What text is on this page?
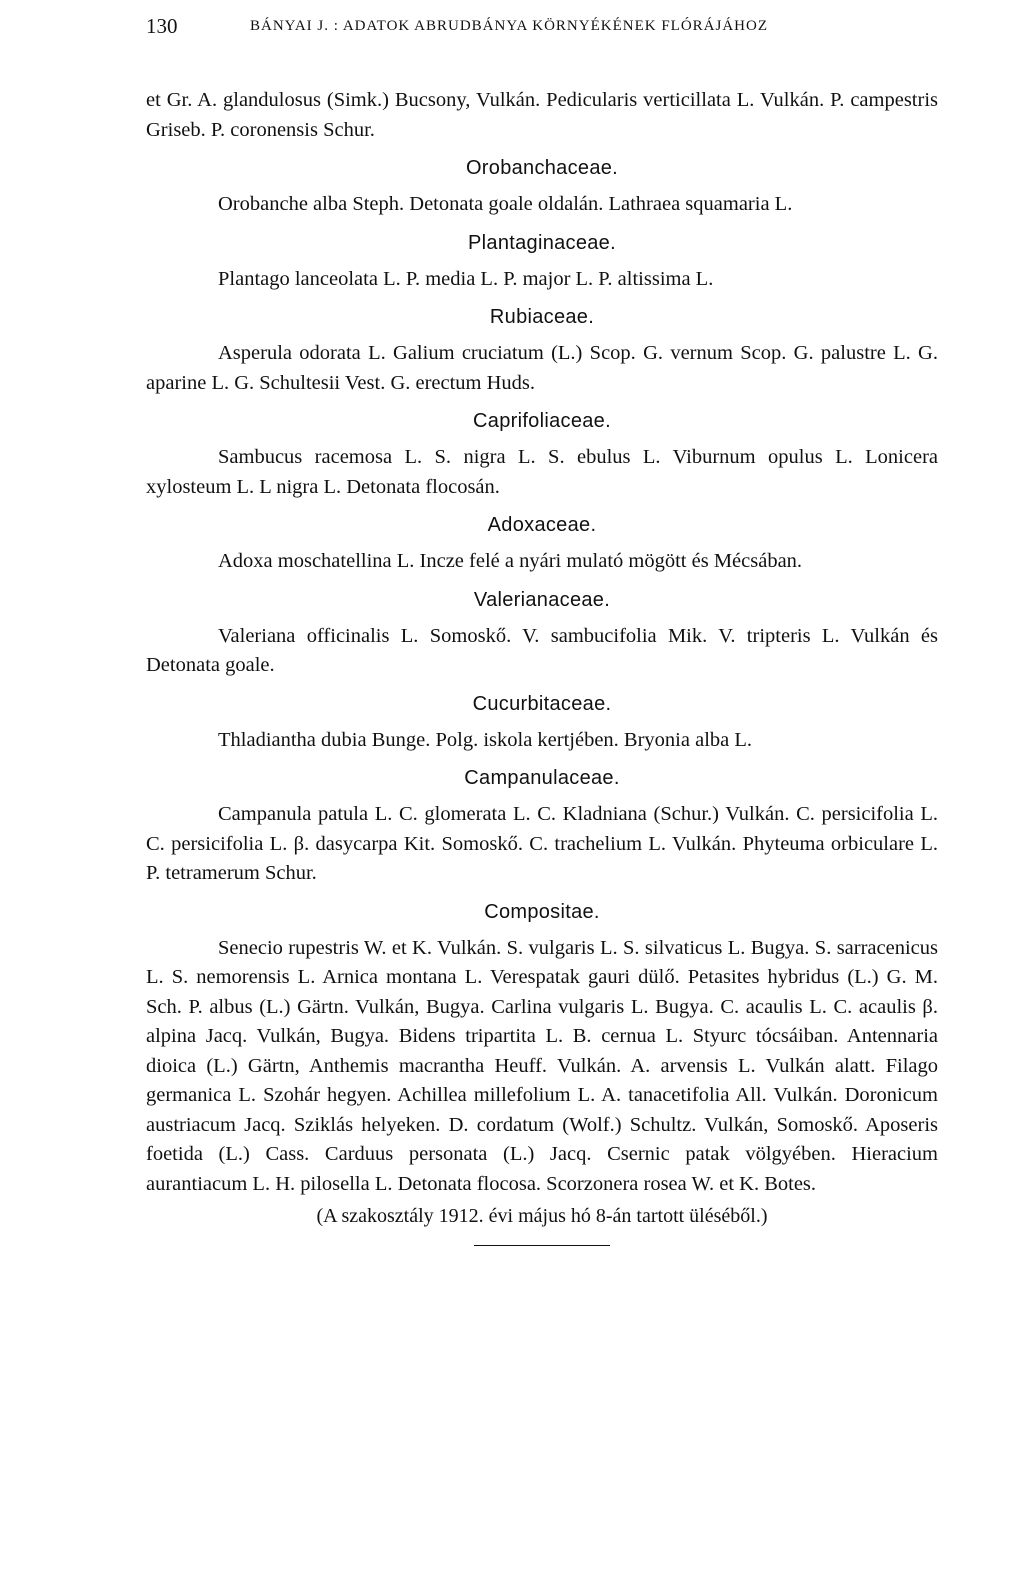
130	BÁNYAI J. : ADATOK ABRUDBÁNYA KÖRNYÉKÉNEK FLÓRÁJÁHOZ

et Gr. A. glandulosus (Simk.) Bucsony, Vulkán. Pedicularis verticillata L. Vulkán. P. campestris Griseb. P. coronensis Schur.

Orobanchaceae.

Orobanche alba Steph. Detonata goale oldalán. Lathraea squamaria L.

Plantaginaceae.

Plantago lanceolata L. P. media L. P. major L. P. altissima L.

Rubiaceae.

Asperula odorata L. Galium cruciatum (L.) Scop. G. vernum Scop. G. palustre L. G. aparine L. G. Schultesii Vest. G. erectum Huds.

Caprifoliaceae.

Sambucus racemosa L. S. nigra L. S. ebulus L. Viburnum opulus L. Lonicera xylosteum L. L nigra L. Detonata flocosán.

Adoxaceae.

Adoxa moschatellina L. Incze felé a nyári mulató mögött és Mécsában.

Valerianaceae.

Valeriana officinalis L. Somoskő. V. sambucifolia Mik. V. tripteris L. Vulkán és Detonata goale.

Cucurbitaceae.

Thladiantha dubia Bunge. Polg. iskola kertjében. Bryonia alba L.

Campanulaceae.

Campanula patula L. C. glomerata L. C. Kladniana (Schur.) Vulkán. C. persicifolia L. C. persicifolia L. β. dasycarpa Kit. Somoskő. C. trachelium L. Vulkán. Phyteuma orbiculare L. P. tetramerum Schur.

Compositae.

Senecio rupestris W. et K. Vulkán. S. vulgaris L. S. silvaticus L. Bugya. S. sarracenicus L. S. nemorensis L. Arnica montana L. Verespatak gauri dülő. Petasites hybridus (L.) G. M. Sch. P. albus (L.) Gärtn. Vulkán, Bugya. Carlina vulgaris L. Bugya. C. acaulis L. C. acaulis β. alpina Jacq. Vulkán, Bugya. Bidens tripartita L. B. cernua L. Styurc tócsáiban. Antennaria dioica (L.) Gärtn, Anthemis macrantha Heuff. Vulkán. A. arvensis L. Vulkán alatt. Filago germanica L. Szohár hegyen. Achillea millefolium L. A. tanacetifolia All. Vulkán. Doronicum austriacum Jacq. Sziklás helyeken. D. cordatum (Wolf.) Schultz. Vulkán, Somoskő. Aposeris foetida (L.) Cass. Carduus personata (L.) Jacq. Csernic patak völgyében. Hieracium aurantiacum L. H. pilosella L. Detonata flocosa. Scorzonera rosea W. et K. Botes.

(A szakosztály 1912. évi május hó 8-án tartott üléséből.)
